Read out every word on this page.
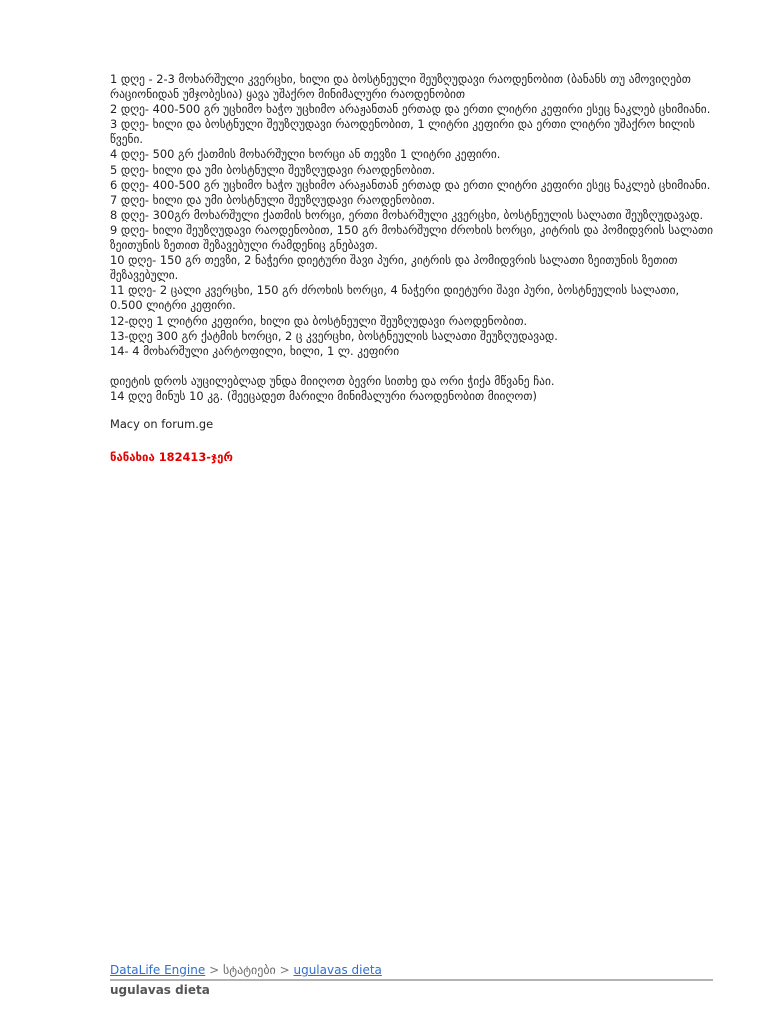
1 დღე - 2-3 მოხარშული კვერცხი, ხილი და ბოსტნეული შეუზღუდავი რაოდენობით (ბანანს თუ ამოვიღებთ რაციონიდან უმჯობესია) ყავა უშაქრო მინიმალური რაოდენობით

2 დღე- 400-500 გრ უცხიმო ხაჭო უცხიმო არაჟანთან ერთად და ერთი ლიტრი კეფირი ესეც ნაკლებ ცხიმიანი.

3 დღე- ხილი და ბოსტნული შეუზღუდავი რაოდენობით, 1 ლიტრი კეფირი და ერთი ლიტრი უშაქრო ხილის წვენი.

4 დღე- 500 გრ ქათმის მოხარშული ხორცი ან თევზი 1 ლიტრი კეფირი.

5 დღე- ხილი და უმი ბოსტნული შეუზღუდავი რაოდენობით.

6 დღე- 400-500 გრ უცხიმო ხაჭო უცხიმო არაჟანთან ერთად და ერთი ლიტრი კეფირი ესეც ნაკლებ ცხიმიანი.

7 დღე- ხილი და უმი ბოსტნული შეუზღუდავი რაოდენობით.

8 დღე- 300გრ მოხარშული ქათმის ხორცი, ერთი მოხარშული კვერცხი, ბოსტნეულის სალათი შეუზღუდავად.

9 დღე- ხილი შეუზღუდავი რაოდენობით, 150 გრ მოხარშული ძროხის ხორცი, კიტრის და პომიდვრის სალათი ზეითუნის ზეთით შეზავებული რამდენიც გნებავთ.

10 დღე- 150 გრ თევზი, 2 ნაჭერი დიეტური შავი პური, კიტრის და პომიდვრის სალათი ზეითუნის ზეთით შეზავებული.

11 დღე- 2 ცალი კვერცხი, 150 გრ ძროხის ხორცი, 4 ნაჭერი დიეტური შავი პური, ბოსტნეულის სალათი, 0.500 ლიტრი კეფირი.

12-დღე 1 ლიტრი კეფირი, ხილი და ბოსტნეული შეუზღუდავი რაოდენობით.

13-დღე 300 გრ ქატმის ხორცი, 2 ც კვერცხი, ბოსტნეულის სალათი შეუზღუდავად.

14- 4 მოხარშული კარტოფილი, ხილი, 1 ლ. კეფირი

დიეტის დროს აუცილებლად უნდა მიიღოთ ბევრი სითხე და ორი ჭიქა მწვანე ჩაი.

14 დღე მინუს 10 კგ. (შეეცადეთ მარილი მინიმალური რაოდენობით მიიღოთ)

Macy on forum.ge

ნანახია 182413-ჯერ

DataLife Engine > სტატიები > ugulavas dieta
ugulavas dieta
